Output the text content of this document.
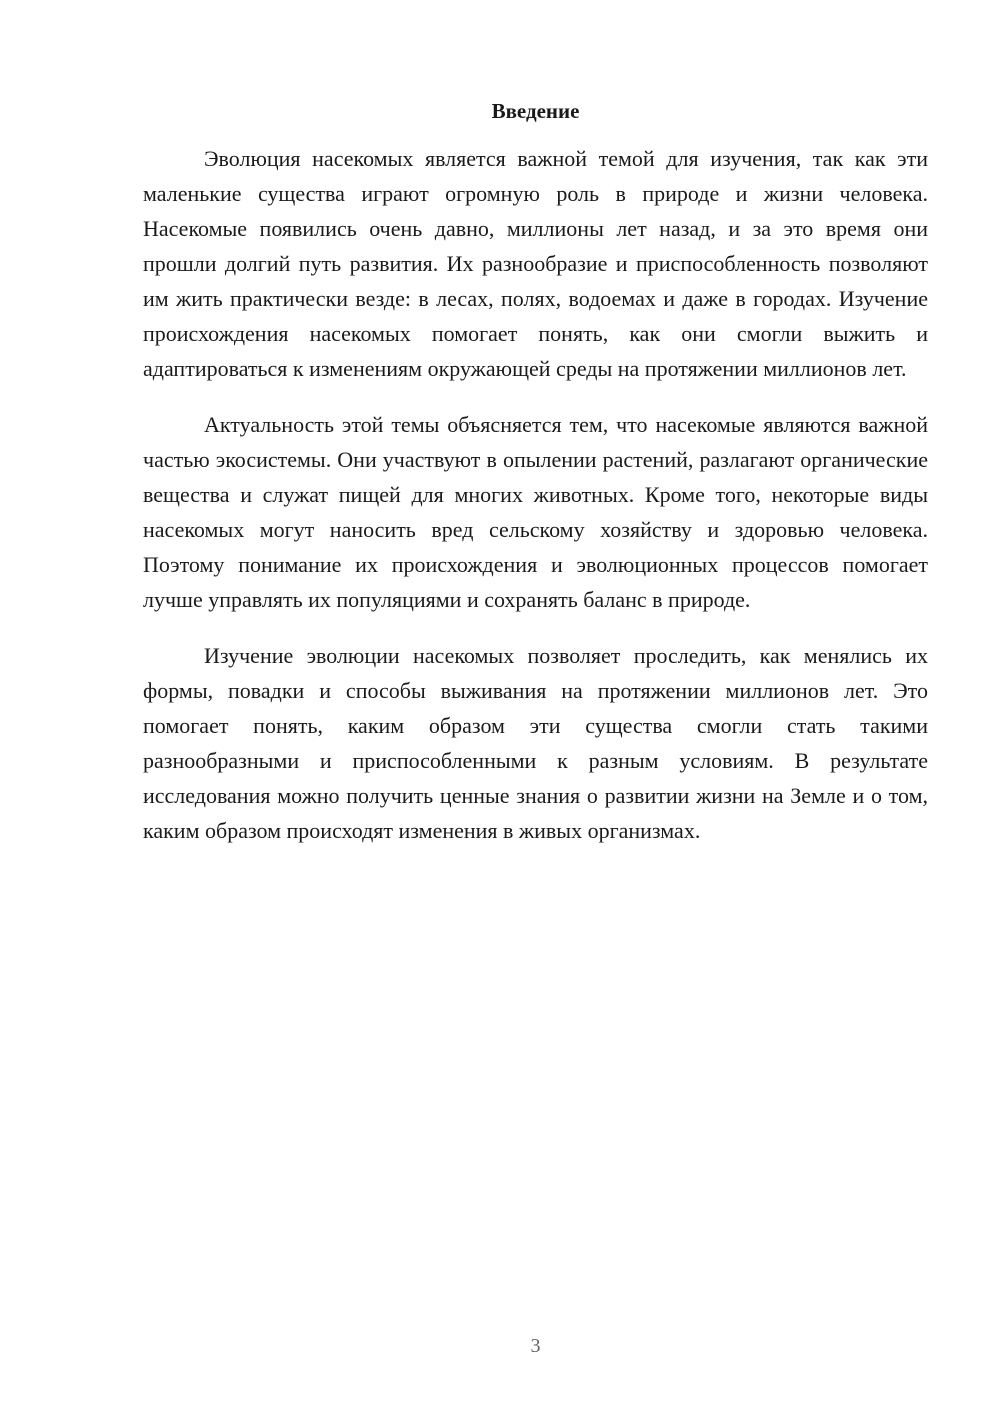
Введение

Эволюция насекомых является важной темой для изучения, так как эти маленькие существа играют огромную роль в природе и жизни человека. Насекомые появились очень давно, миллионы лет назад, и за это время они прошли долгий путь развития. Их разнообразие и приспособленность позволяют им жить практически везде: в лесах, полях, водоемах и даже в городах. Изучение происхождения насекомых помогает понять, как они смогли выжить и адаптироваться к изменениям окружающей среды на протяжении миллионов лет.

Актуальность этой темы объясняется тем, что насекомые являются важной частью экосистемы. Они участвуют в опылении растений, разлагают органические вещества и служат пищей для многих животных. Кроме того, некоторые виды насекомых могут наносить вред сельскому хозяйству и здоровью человека. Поэтому понимание их происхождения и эволюционных процессов помогает лучше управлять их популяциями и сохранять баланс в природе.

Изучение эволюции насекомых позволяет проследить, как менялись их формы, повадки и способы выживания на протяжении миллионов лет. Это помогает понять, каким образом эти существа смогли стать такими разнообразными и приспособленными к разным условиям. В результате исследования можно получить ценные знания о развитии жизни на Земле и о том, каким образом происходят изменения в живых организмах.

3
